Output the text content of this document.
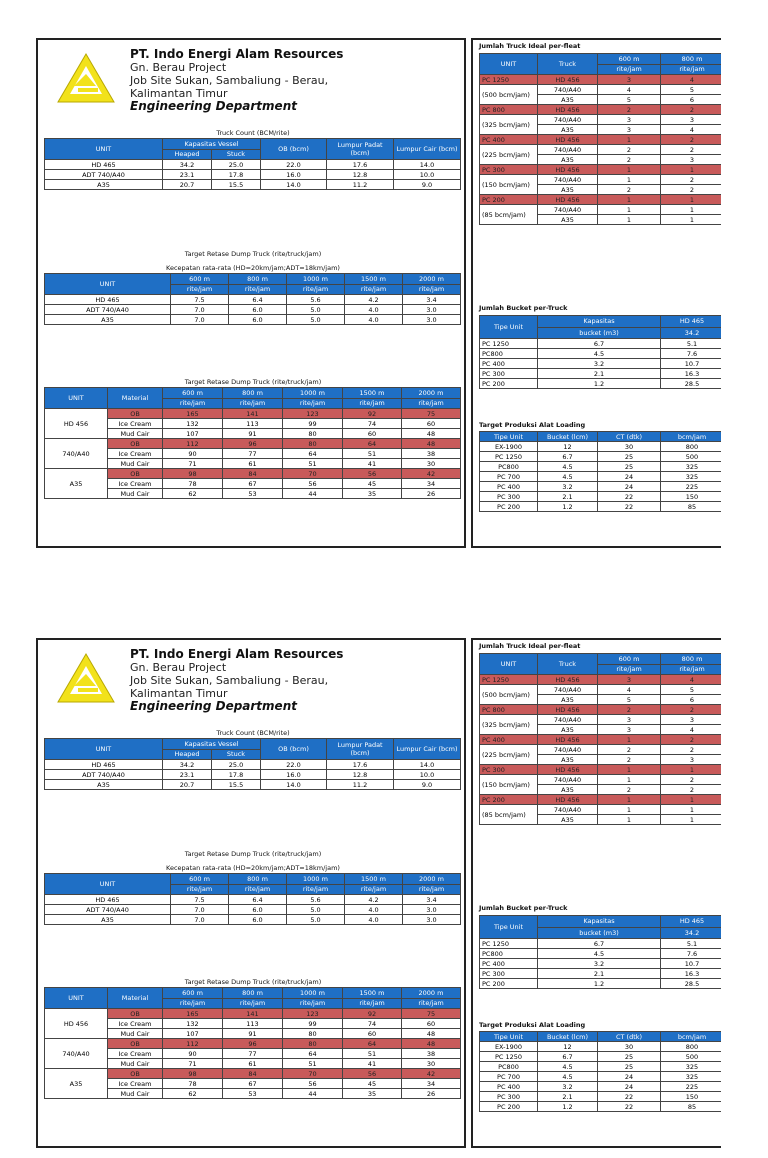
PT. Indo Energi Alam Resources
Gn. Berau Project
Job Site Sukan, Sambaliung - Berau,
Kalimantan Timur
Engineering Department
Truck Count (BCM/rite)
UNIT	Kapasitas Vessel		OB (bcm)	Lumpur Padat (bcm)	Lumpur Cair (bcm)
	Heaped	Stuck			
HD 465	34.2	25.0	22.0	17.6	14.0
ADT 740/A40	23.1	17.8	16.0	12.8	10.0
A35	20.7	15.5	14.0	11.2	9.0
Target Retase Dump Truck (rite/truck/jam)
Kecepatan rata-rata (HD=20km/jam;ADT=18km/jam)
UNIT	600 m	800 m	1000 m	1500 m	2000 m
	rite/jam	rite/jam	rite/jam	rite/jam	rite/jam
HD 465	7.5	6.4	5.6	4.2	3.4
ADT 740/A40	7.0	6.0	5.0	4.0	3.0
A35	7.0	6.0	5.0	4.0	3.0
Target Retase Dump Truck (rite/truck/jam)
UNIT	Material	600 m	800 m	1000 m	1500 m	2000 m
		rite/jam	rite/jam	rite/jam	rite/jam	rite/jam
HD 456	OB	165	141	123	92	75
	Ice Cream	132	113	99	74	60
	Mud Cair	107	91	80	60	48
740/A40	OB	112	96	80	64	48
	Ice Cream	90	77	64	51	38
	Mud Cair	71	61	51	41	30
A35	OB	98	84	70	56	42
	Ice Cream	78	67	56	45	34
	Mud Cair	62	53	44	35	26
Jumlah Truck Ideal per-fleat
UNIT	Truck	600 m	800 m
		rite/jam	rite/jam
PC 1250	HD 456	3	4
(500 bcm/jam)	740/A40	4	5
	A35	5	6
PC 800	HD 456	2	2
(325 bcm/jam)	740/A40	3	3
	A35	3	4
PC 400	HD 456	1	2
(225 bcm/jam)	740/A40	2	2
	A35	2	3
PC 300	HD 456	1	1
(150 bcm/jam)	740/A40	1	2
	A35	2	2
PC 200	HD 456	1	1
(85 bcm/jam)	740/A40	1	1
	A35	1	1
Jumlah Bucket per-Truck
Tipe Unit	Kapasitas	HD 465
	bucket (m3)	34.2
PC 1250	6.7	5.1
PC800	4.5	7.6
PC 400	3.2	10.7
PC 300	2.1	16.3
PC 200	1.2	28.5
Target Produksi Alat Loading
Tipe Unit	Bucket (lcm)	CT (dtk)	bcm/jam
EX-1900	12	30	800
PC 1250	6.7	25	500
PC800	4.5	25	325
PC 700	4.5	24	325
PC 400	3.2	24	225
PC 300	2.1	22	150
PC 200	1.2	22	85
PT. Indo Energi Alam Resources
Gn. Berau Project
Job Site Sukan, Sambaliung - Berau,
Kalimantan Timur
Engineering Department
Truck Count (BCM/rite)
UNIT	Kapasitas Vessel		OB (bcm)	Lumpur Padat (bcm)	Lumpur Cair (bcm)
	Heaped	Stuck			
HD 465	34.2	25.0	22.0	17.6	14.0
ADT 740/A40	23.1	17.8	16.0	12.8	10.0
A35	20.7	15.5	14.0	11.2	9.0
Target Retase Dump Truck (rite/truck/jam)
Kecepatan rata-rata (HD=20km/jam;ADT=18km/jam)
UNIT	600 m	800 m	1000 m	1500 m	2000 m
	rite/jam	rite/jam	rite/jam	rite/jam	rite/jam
HD 465	7.5	6.4	5.6	4.2	3.4
ADT 740/A40	7.0	6.0	5.0	4.0	3.0
A35	7.0	6.0	5.0	4.0	3.0
Target Retase Dump Truck (rite/truck/jam)
UNIT	Material	600 m	800 m	1000 m	1500 m	2000 m
		rite/jam	rite/jam	rite/jam	rite/jam	rite/jam
HD 456	OB	165	141	123	92	75
	Ice Cream	132	113	99	74	60
	Mud Cair	107	91	80	60	48
740/A40	OB	112	96	80	64	48
	Ice Cream	90	77	64	51	38
	Mud Cair	71	61	51	41	30
A35	OB	98	84	70	56	42
	Ice Cream	78	67	56	45	34
	Mud Cair	62	53	44	35	26
Jumlah Truck Ideal per-fleat
UNIT	Truck	600 m	800 m
		rite/jam	rite/jam
PC 1250	HD 456	3	4
(500 bcm/jam)	740/A40	4	5
	A35	5	6
PC 800	HD 456	2	2
(325 bcm/jam)	740/A40	3	3
	A35	3	4
PC 400	HD 456	1	2
(225 bcm/jam)	740/A40	2	2
	A35	2	3
PC 300	HD 456	1	1
(150 bcm/jam)	740/A40	1	2
	A35	2	2
PC 200	HD 456	1	1
(85 bcm/jam)	740/A40	1	1
	A35	1	1
Jumlah Bucket per-Truck
Tipe Unit	Kapasitas	HD 465
	bucket (m3)	34.2
PC 1250	6.7	5.1
PC800	4.5	7.6
PC 400	3.2	10.7
PC 300	2.1	16.3
PC 200	1.2	28.5
Target Produksi Alat Loading
Tipe Unit	Bucket (lcm)	CT (dtk)	bcm/jam
EX-1900	12	30	800
PC 1250	6.7	25	500
PC800	4.5	25	325
PC 700	4.5	24	325
PC 400	3.2	24	225
PC 300	2.1	22	150
PC 200	1.2	22	85
